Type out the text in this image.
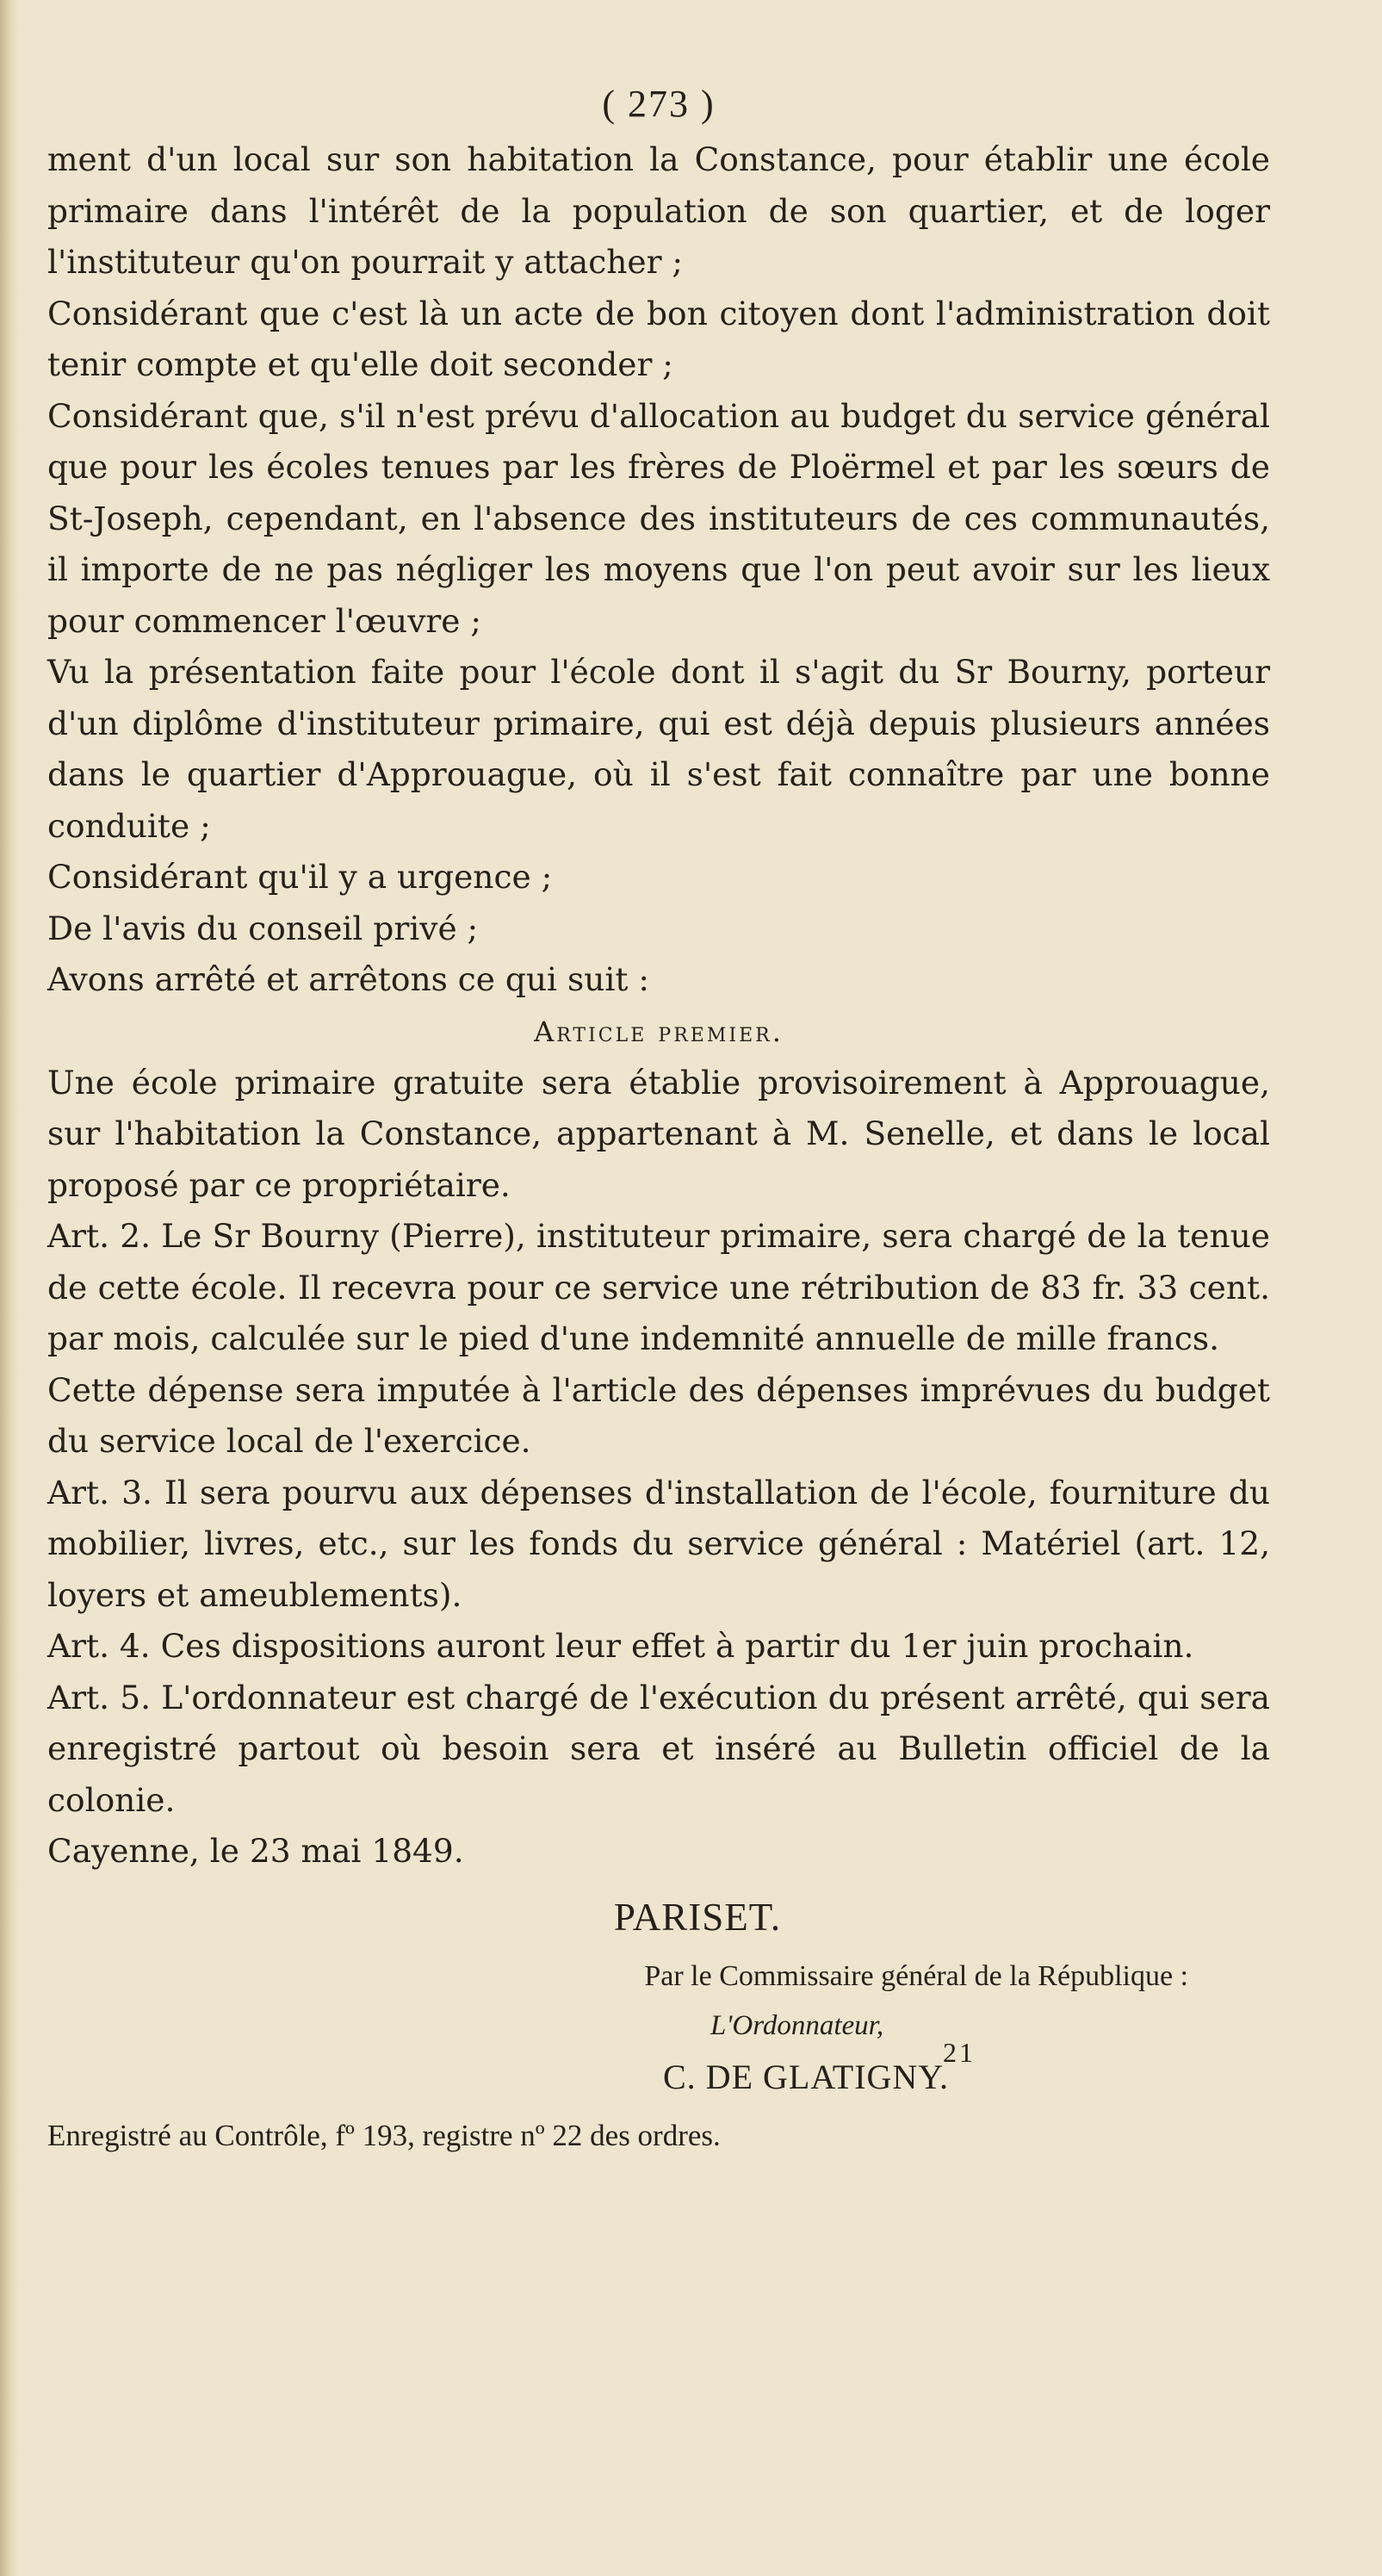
( 273 )

ment d'un local sur son habitation la Constance, pour établir une école primaire dans l'intérêt de la population de son quartier, et de loger l'instituteur qu'on pourrait y attacher ;

Considérant que c'est là un acte de bon citoyen dont l'administration doit tenir compte et qu'elle doit seconder ;

Considérant que, s'il n'est prévu d'allocation au budget du service général que pour les écoles tenues par les frères de Ploërmel et par les sœurs de St-Joseph, cependant, en l'absence des instituteurs de ces communautés, il importe de ne pas négliger les moyens que l'on peut avoir sur les lieux pour commencer l'œuvre ;

Vu la présentation faite pour l'école dont il s'agit du Sr Bourny, porteur d'un diplôme d'instituteur primaire, qui est déjà depuis plusieurs années dans le quartier d'Approuague, où il s'est fait connaître par une bonne conduite ;

Considérant qu'il y a urgence ;

De l'avis du conseil privé ;

Avons arrêté et arrêtons ce qui suit :

Article premier.

Une école primaire gratuite sera établie provisoirement à Approuague, sur l'habitation la Constance, appartenant à M. Senelle, et dans le local proposé par ce propriétaire.

Art. 2. Le Sr Bourny (Pierre), instituteur primaire, sera chargé de la tenue de cette école. Il recevra pour ce service une rétribution de 83 fr. 33 cent. par mois, calculée sur le pied d'une indemnité annuelle de mille francs.

Cette dépense sera imputée à l'article des dépenses imprévues du budget du service local de l'exercice.

Art. 3. Il sera pourvu aux dépenses d'installation de l'école, fourniture du mobilier, livres, etc., sur les fonds du service général : Matériel (art. 12, loyers et ameublements).

Art. 4. Ces dispositions auront leur effet à partir du 1er juin prochain.

Art. 5. L'ordonnateur est chargé de l'exécution du présent arrêté, qui sera enregistré partout où besoin sera et inséré au Bulletin officiel de la colonie.

Cayenne, le 23 mai 1849.

PARISET.

Par le Commissaire général de la République :

L'Ordonnateur,

C. DE GLATIGNY.

Enregistré au Contrôle, fº 193, registre nº 22 des ordres.

21
